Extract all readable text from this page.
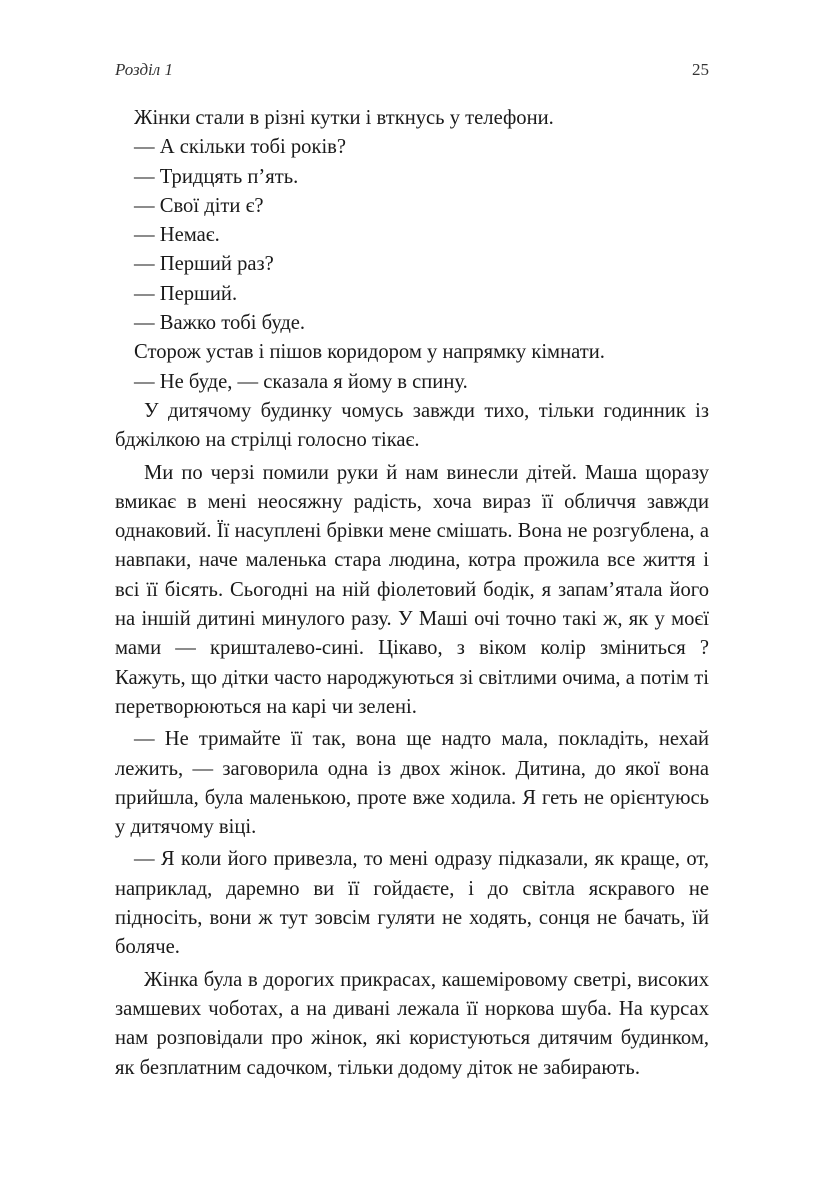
Розділ 1	25

Жінки стали в різні кутки і вткнусь у телефони.

— А скільки тобі років?

— Тридцять п’ять.

— Свої діти є?

— Немає.

— Перший раз?

— Перший.

— Важко тобі буде.

Сторож устав і пішов коридором у напрямку кімнати.

— Не буде, — сказала я йому в спину.

У дитячому будинку чомусь завжди тихо, тільки годинник із бджілкою на стрілці голосно тікає.

Ми по черзі помили руки й нам винесли дітей. Маша щоразу вмикає в мені неосяжну радість, хоча вираз її обличчя завжди однаковий. Її насуплені брівки мене смішать. Вона не розгублена, а навпаки, наче маленька стара людина, котра прожила все життя і всі її бісять. Сьогодні на ній фіолетовий бодік, я запам’ятала його на іншій дитині минулого разу. У Маші очі точно такі ж, як у моєї мами — кришталево-сині. Цікаво, з віком колір зміниться ? Кажуть, що дітки часто народжуються зі світлими очима, а потім ті перетворюються на карі чи зелені.

— Не тримайте її так, вона ще надто мала, покладіть, нехай лежить, — заговорила одна із двох жінок. Дитина, до якої вона прийшла, була маленькою, проте вже ходила. Я геть не орієнтуюсь у дитячому віці.

— Я коли його привезла, то мені одразу підказали, як краще, от, наприклад, даремно ви її гойдаєте, і до світла яскравого не підносіть, вони ж тут зовсім гуляти не ходять, сонця не бачать, їй боляче.

Жінка була в дорогих прикрасах, кашеміровому светрі, високих замшевих чоботах, а на дивані лежала її норкова шуба. На курсах нам розповідали про жінок, які користуються дитячим будинком, як безплатним садочком, тільки додому діток не забирають.
